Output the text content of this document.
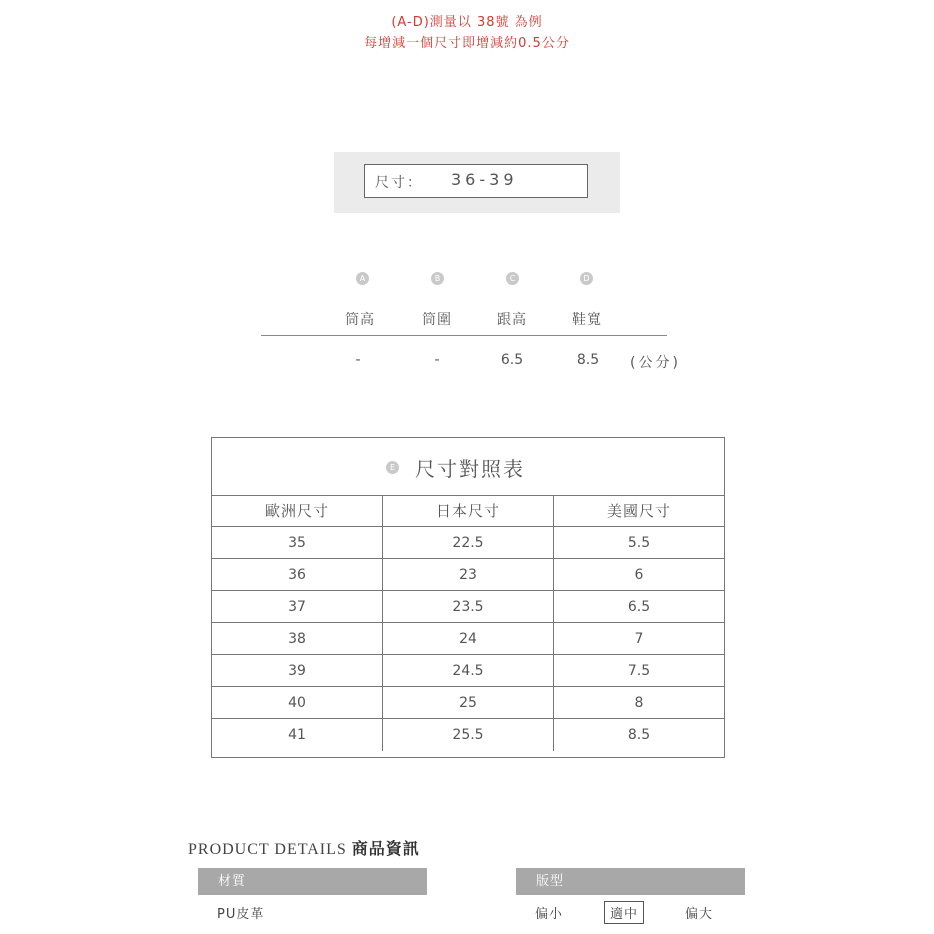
(A-D)測量以 38號 為例
每增減一個尺寸即增減約0.5公分
尺寸： 36-39
A	B	C	D
筒高	筒圍	跟高	鞋寬
-	-	6.5	8.5	(公分)
E 尺寸對照表
歐洲尺寸	日本尺寸	美國尺寸
35	22.5	5.5
36	23	6
37	23.5	6.5
38	24	7
39	24.5	7.5
40	25	8
41	25.5	8.5
PRODUCT DETAILS 商品資訊
材質
PU皮革
版型
偏小	適中	偏大
